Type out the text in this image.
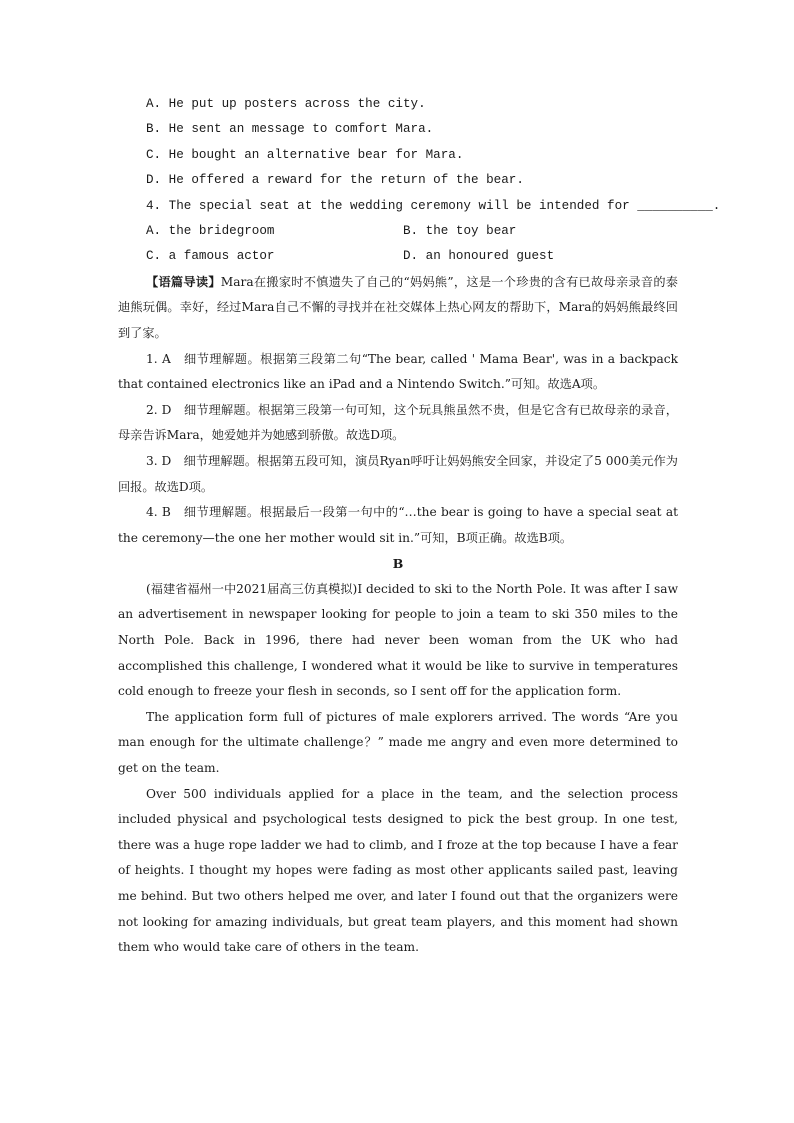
A. He put up posters across the city.
B. He sent an message to comfort Mara.
C. He bought an alternative bear for Mara.
D. He offered a reward for the return of the bear.
4. The special seat at the wedding ceremony will be intended for __________.
A. the bridegroom	B. the toy bear
C. a famous actor	D. an honoured guest
【语篇导读】Mara在搬家时不慎遗失了自己的“妈妈熊”，这是一个珍贵的含有已故母亲录音的泰迪熊玩偶。幸好，经过Mara自己不懈的寻找并在社交媒体上热心网友的帮助下，Mara的妈妈熊最终回到了家。
1. A　细节理解题。根据第三段第二句“The bear, called ' Mama Bear', was in a backpack that contained electronics like an iPad and a Nintendo Switch.”可知。故选A项。
2. D　细节理解题。根据第三段第一句可知，这个玩具熊虽然不贵，但是它含有已故母亲的录音，母亲告诉Mara，她爱她并为她感到骄傲。故选D项。
3. D　细节理解题。根据第五段可知，演员Ryan呼吁让妈妈熊安全回家，并设定了5 000美元作为回报。故选D项。
4. B　细节理解题。根据最后一段第一句中的“…the bear is going to have a special seat at the ceremony—the one her mother would sit in.”可知，B项正确。故选B项。
B
(福建省福州一中2021届高三仿真模拟)I decided to ski to the North Pole. It was after I saw an advertisement in newspaper looking for people to join a team to ski 350 miles to the North Pole. Back in 1996, there had never been woman from the UK who had accomplished this challenge, I wondered what it would be like to survive in temperatures cold enough to freeze your flesh in seconds, so I sent off for the application form.
The application form full of pictures of male explorers arrived. The words “Are you man enough for the ultimate challenge？” made me angry and even more determined to get on the team.
Over 500 individuals applied for a place in the team, and the selection process included physical and psychological tests designed to pick the best group. In one test, there was a huge rope ladder we had to climb, and I froze at the top because I have a fear of heights. I thought my hopes were fading as most other applicants sailed past, leaving me behind. But two others helped me over, and later I found out that the organizers were not looking for amazing individuals, but great team players, and this moment had shown them who would take care of others in the team.
